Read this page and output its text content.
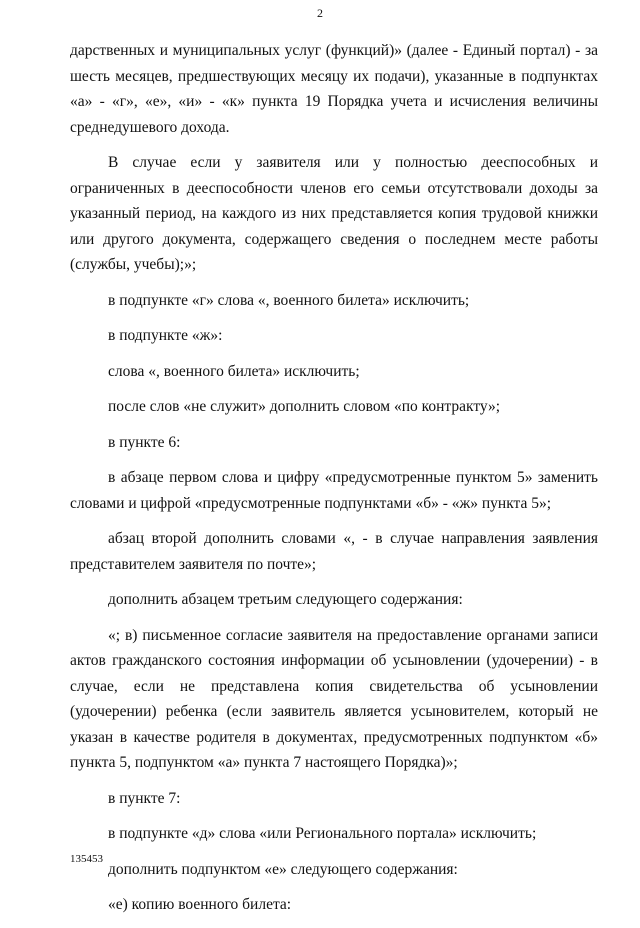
2

дарственных и муниципальных услуг (функций)» (далее - Единый портал) - за шесть месяцев, предшествующих месяцу их подачи), указанные в подпунктах «а» - «г», «е», «и» - «к» пункта 19 Порядка учета и исчисления величины среднедушевого дохода.

В случае если у заявителя или у полностью дееспособных и ограниченных в дееспособности членов его семьи отсутствовали доходы за указанный период, на каждого из них представляется копия трудовой книжки или другого документа, содержащего сведения о последнем месте работы (службы, учебы);»;

в подпункте «г» слова «, военного билета» исключить;

в подпункте «ж»:

слова «, военного билета» исключить;

после слов «не служит» дополнить словом «по контракту»;

в пункте 6:

в абзаце первом слова и цифру «предусмотренные пунктом 5» заменить словами и цифрой «предусмотренные подпунктами «б» - «ж» пункта 5»;

абзац второй дополнить словами «, - в случае направления заявления представителем заявителя по почте»;

дополнить абзацем третьим следующего содержания:

«; в) письменное согласие заявителя на предоставление органами записи актов гражданского состояния информации об усыновлении (удочерении) - в случае, если не представлена копия свидетельства об усыновлении (удочерении) ребенка (если заявитель является усыновителем, который не указан в качестве родителя в документах, предусмотренных подпунктом «б» пункта 5, подпунктом «а» пункта 7 настоящего Порядка)»;

в пункте 7:

в подпункте «д» слова «или Регионального портала» исключить;

дополнить подпунктом «е» следующего содержания:

«е) копию военного билета:

135453
